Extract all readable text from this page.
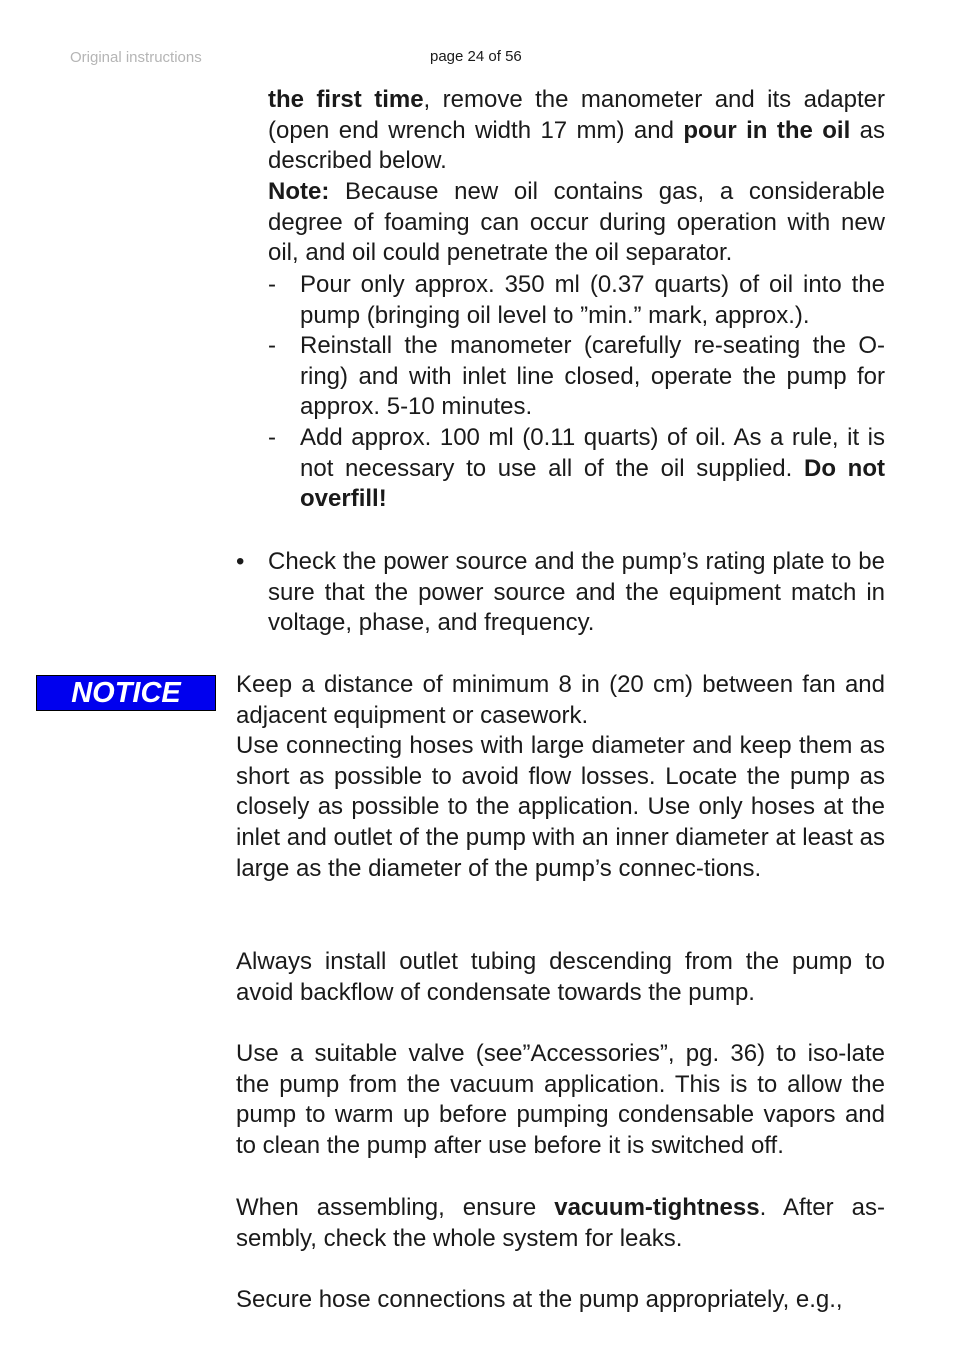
Original instructions	page 24 of 56

the first time, remove the manometer and its adapter (open end wrench width 17 mm) and pour in the oil as described below.

Note: Because new oil contains gas, a considerable degree of foaming can occur during operation with new oil, and oil could penetrate the oil separator.

- Pour only approx. 350 ml (0.37 quarts) of oil into the pump (bringing oil level to ”min.” mark, approx.).

- Reinstall the manometer (carefully re-seating the O-ring) and with inlet line closed, operate the pump for approx. 5-10 minutes.

- Add approx. 100 ml (0.11 quarts) of oil. As a rule, it is not necessary to use all of the oil supplied. Do not overfill!

• Check the power source and the pump’s rating plate to be sure that the power source and the equipment match in voltage, phase, and frequency.

NOTICE	Keep a distance of minimum 8 in (20 cm) between fan and adjacent equipment or casework.

Use connecting hoses with large diameter and keep them as short as possible to avoid flow losses. Locate the pump as closely as possible to the application. Use only hoses at the inlet and outlet of the pump with an inner diameter at least as large as the diameter of the pump’s connec-tions.

Always install outlet tubing descending from the pump to avoid backflow of condensate towards the pump.

Use a suitable valve (see”Accessories”, pg. 36) to iso-late the pump from the vacuum application. This is to allow the pump to warm up before pumping condensable vapors and to clean the pump after use before it is switched off.

When assembling, ensure vacuum-tightness. After as-sembly, check the whole system for leaks.

Secure hose connections at the pump appropriately, e.g.,
